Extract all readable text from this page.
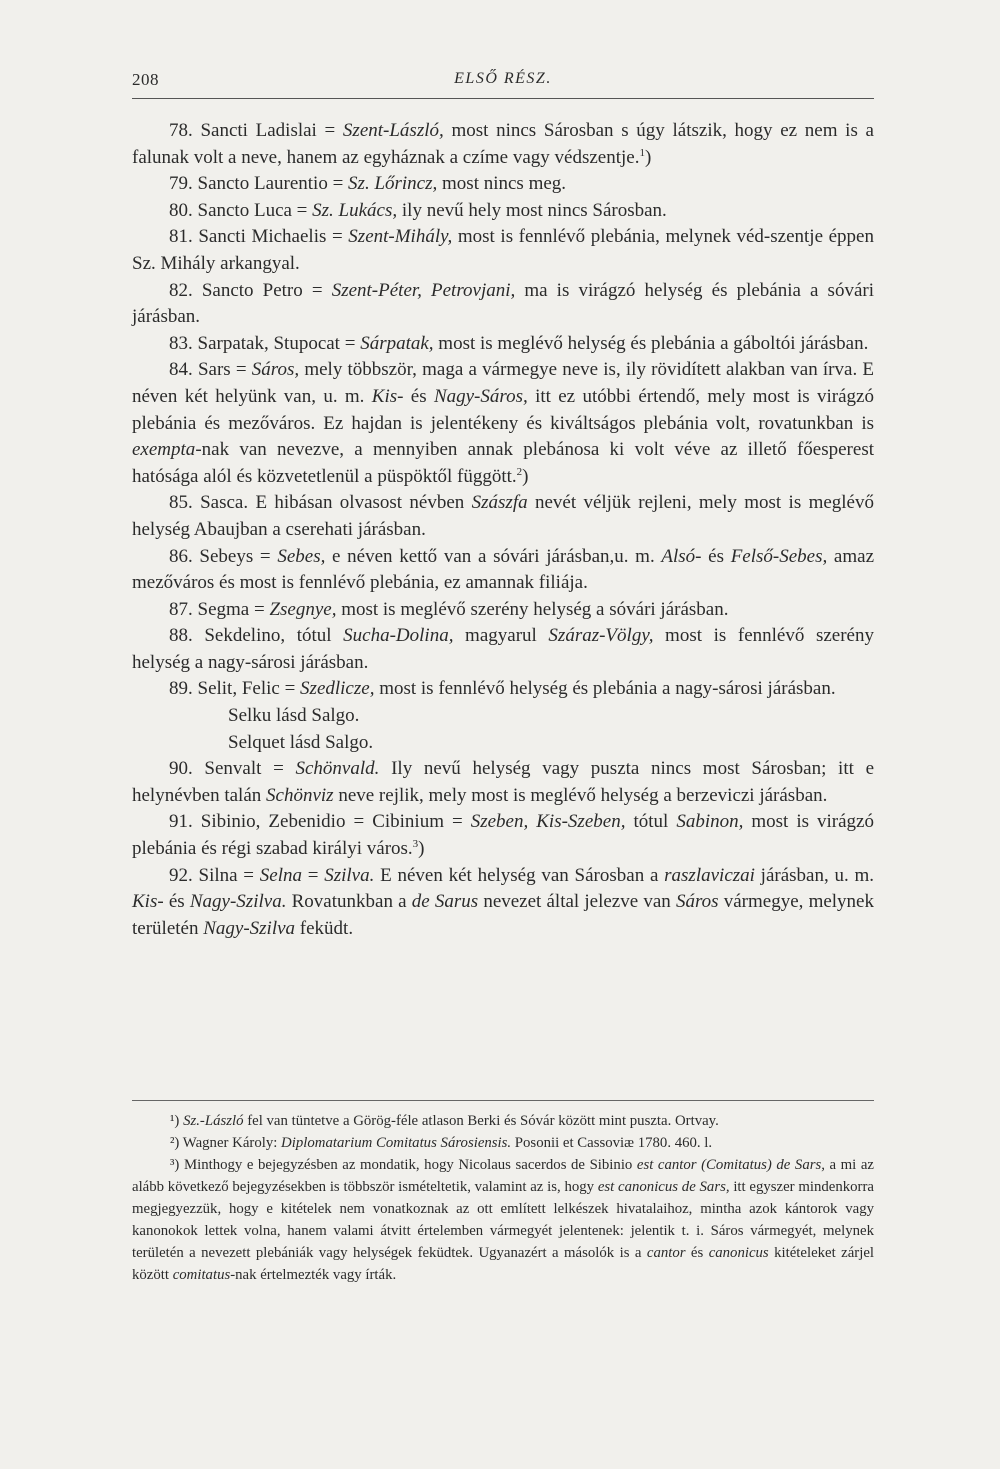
208	ELSŐ RÉSZ.

78. Sancti Ladislai = Szent-László, most nincs Sárosban s úgy látszik, hogy ez nem is a falunak volt a neve, hanem az egyháznak a czíme vagy védszentje.$^1$)

79. Sancto Laurentio = Sz. Lőrincz, most nincs meg.

80. Sancto Luca = Sz. Lukács, ily nevű hely most nincs Sárosban.

81. Sancti Michaelis = Szent-Mihály, most is fennlévő plebánia, melynek véd-szentje éppen Sz. Mihály arkangyal.

82. Sancto Petro = Szent-Péter, Petrovjani, ma is virágzó helység és plebánia a sóvári járásban.

83. Sarpatak, Stupocat = Sárpatak, most is meglévő helység és plebánia a gáboltói járásban.

84. Sars = Sáros, mely többször, maga a vármegye neve is, ily rövidített alakban van írva. E néven két helyünk van, u. m. Kis- és Nagy-Sáros, itt ez utóbbi értendő, mely most is virágzó plebánia és mezőváros. Ez hajdan is jelentékeny és kiváltságos plebánia volt, rovatunkban is exempta-nak van nevezve, a mennyiben annak plebánosa ki volt véve az illető főesperest hatósága alól és közvetetlenül a püspöktől függött.$^2$)

85. Sasca. E hibásan olvasost névben Szászfa nevét véljük rejleni, mely most is meglévő helység Abaujban a cserehati járásban.

86. Sebeys = Sebes, e néven kettő van a sóvári járásban,u. m. Alsó- és Felső-Sebes, amaz mezőváros és most is fennlévő plebánia, ez amannak filiája.

87. Segma = Zsegnye, most is meglévő szerény helység a sóvári járásban.

88. Sekdelino, tótul Sucha-Dolina, magyarul Száraz-Völgy, most is fennlévő szerény helység a nagy-sárosi járásban.

89. Selit, Felic = Szedlicze, most is fennlévő helység és plebánia a nagy-sárosi járásban.

Selku lásd Salgo.

Selquet lásd Salgo.

90. Senvalt = Schönvald. Ily nevű helység vagy puszta nincs most Sárosban; itt e helynévben talán Schönviz neve rejlik, mely most is meglévő helység a berzeviczi járásban.

91. Sibinio, Zebenidio = Cibinium = Szeben, Kis-Szeben, tótul Sabinon, most is virágzó plebánia és régi szabad királyi város.$^3$)

92. Silna = Selna = Szilva. E néven két helység van Sárosban a raszlaviczai járásban, u. m. Kis- és Nagy-Szilva. Rovatunkban a de Sarus nevezet által jelezve van Sáros vármegye, melynek területén Nagy-Szilva feküdt.

¹) Sz.-László fel van tüntetve a Görög-féle atlason Berki és Sóvár között mint puszta. Ortvay.

²) Wagner Károly: Diplomatarium Comitatus Sárosiensis. Posonii et Cassoviæ 1780. 460. l.

³) Minthogy e bejegyzésben az mondatik, hogy Nicolaus sacerdos de Sibinio est cantor (Comitatus) de Sars, a mi az alább következő bejegyzésekben is többször ismételtetik, valamint az is, hogy est canonicus de Sars, itt egyszer mindenkorra megjegyezzük, hogy e kitételek nem vonatkoznak az ott említett lelkészek hivatalaihoz, mintha azok kántorok vagy kanonokok lettek volna, hanem valami átvitt értelemben vármegyét jelentenek: jelentik t. i. Sáros vármegyét, melynek területén a nevezett plebániák vagy helységek feküdtek. Ugyanazért a másolók is a cantor és canonicus kitételeket zárjel között comitatus-nak értelmezték vagy írták.
